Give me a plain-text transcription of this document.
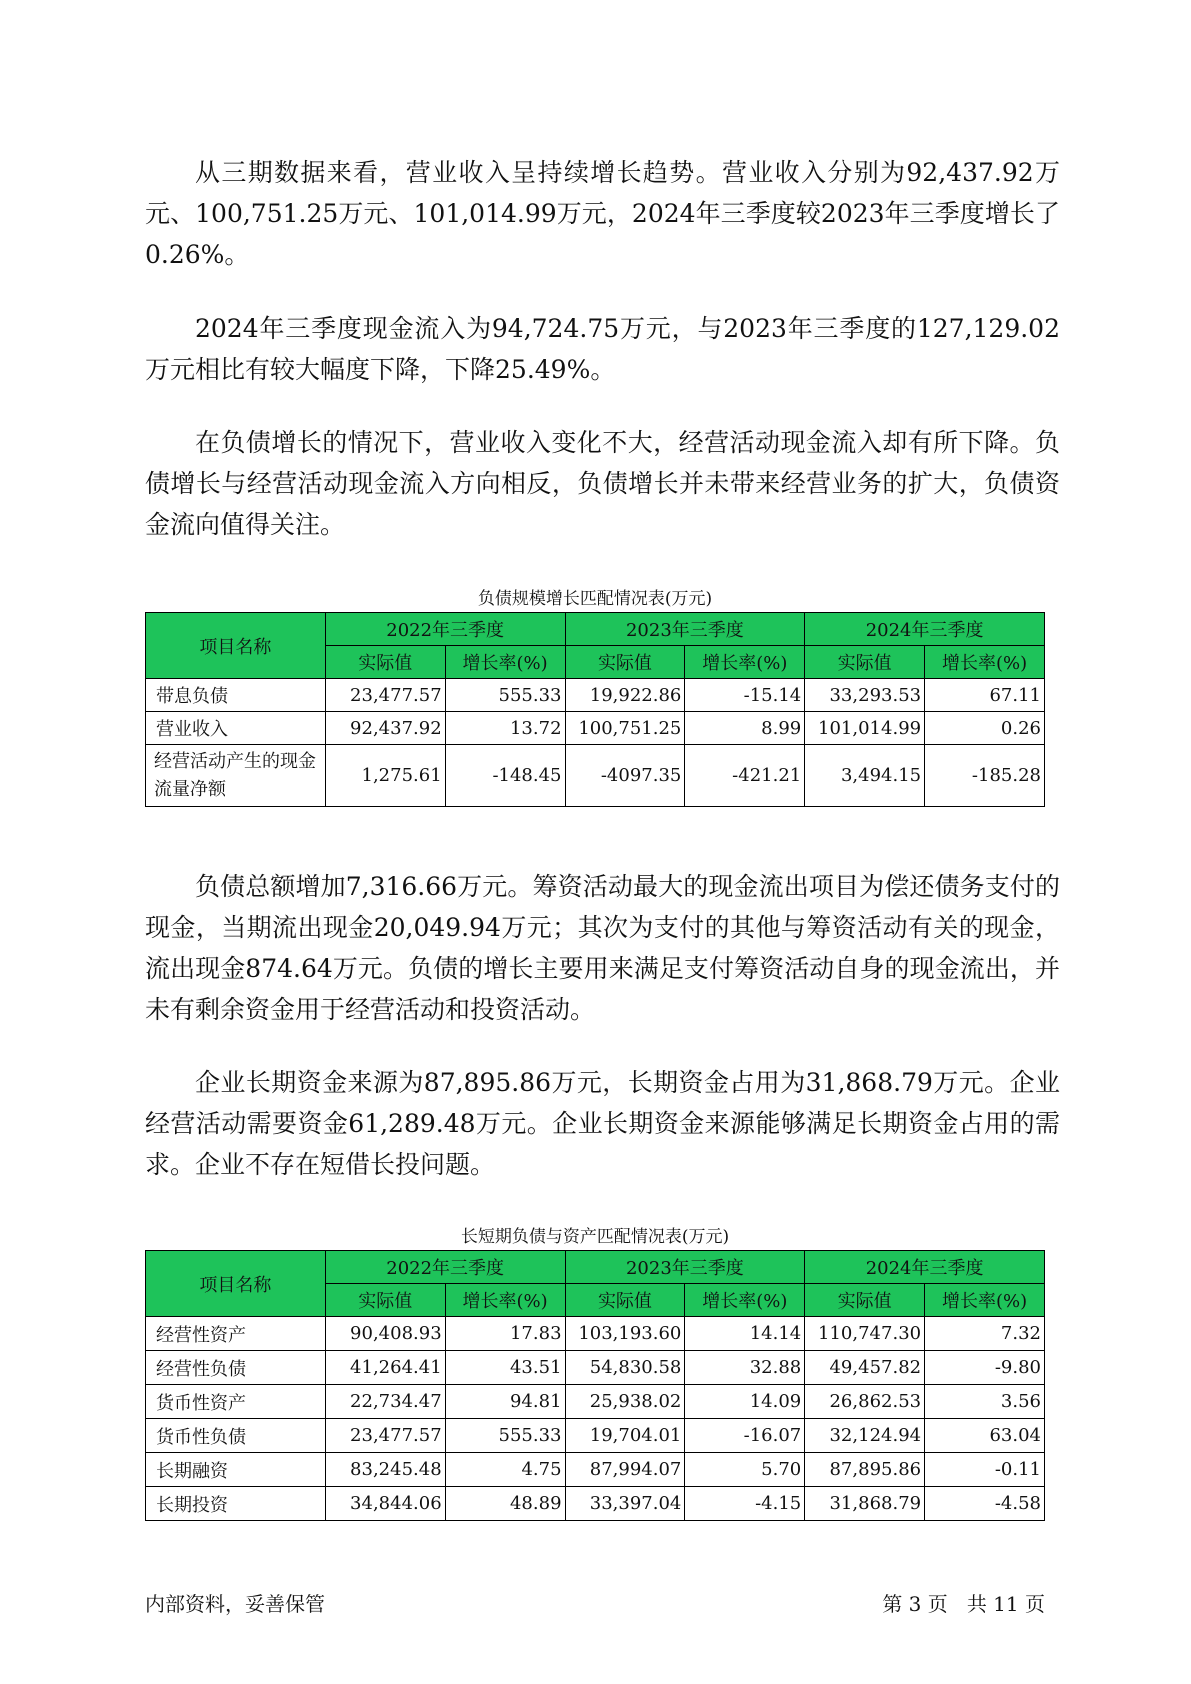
从三期数据来看，营业收入呈持续增长趋势。营业收入分别为92,437.92万元、100,751.25万元、101,014.99万元，2024年三季度较2023年三季度增长了0.26%。

2024年三季度现金流入为94,724.75万元，与2023年三季度的127,129.02万元相比有较大幅度下降，下降25.49%。

在负债增长的情况下，营业收入变化不大，经营活动现金流入却有所下降。负债增长与经营活动现金流入方向相反，负债增长并未带来经营业务的扩大，负债资金流向值得关注。

负债规模增长匹配情况表(万元)
项目名称	2022年三季度		2023年三季度		2024年三季度	
	实际值	增长率(%)	实际值	增长率(%)	实际值	增长率(%)
带息负债	23,477.57	555.33	19,922.86	-15.14	33,293.53	67.11
营业收入	92,437.92	13.72	100,751.25	8.99	101,014.99	0.26
经营活动产生的现金流量净额	1,275.61	-148.45	-4097.35	-421.21	3,494.15	-185.28

负债总额增加7,316.66万元。筹资活动最大的现金流出项目为偿还债务支付的现金，当期流出现金20,049.94万元；其次为支付的其他与筹资活动有关的现金，流出现金874.64万元。负债的增长主要用来满足支付筹资活动自身的现金流出，并未有剩余资金用于经营活动和投资活动。

企业长期资金来源为87,895.86万元，长期资金占用为31,868.79万元。企业经营活动需要资金61,289.48万元。企业长期资金来源能够满足长期资金占用的需求。企业不存在短借长投问题。

长短期负债与资产匹配情况表(万元)
项目名称	2022年三季度		2023年三季度		2024年三季度	
	实际值	增长率(%)	实际值	增长率(%)	实际值	增长率(%)
经营性资产	90,408.93	17.83	103,193.60	14.14	110,747.30	7.32
经营性负债	41,264.41	43.51	54,830.58	32.88	49,457.82	-9.80
货币性资产	22,734.47	94.81	25,938.02	14.09	26,862.53	3.56
货币性负债	23,477.57	555.33	19,704.01	-16.07	32,124.94	63.04
长期融资	83,245.48	4.75	87,994.07	5.70	87,895.86	-0.11
长期投资	34,844.06	48.89	33,397.04	-4.15	31,868.79	-4.58
内部资料，妥善保管	第 3 页   共 11 页
